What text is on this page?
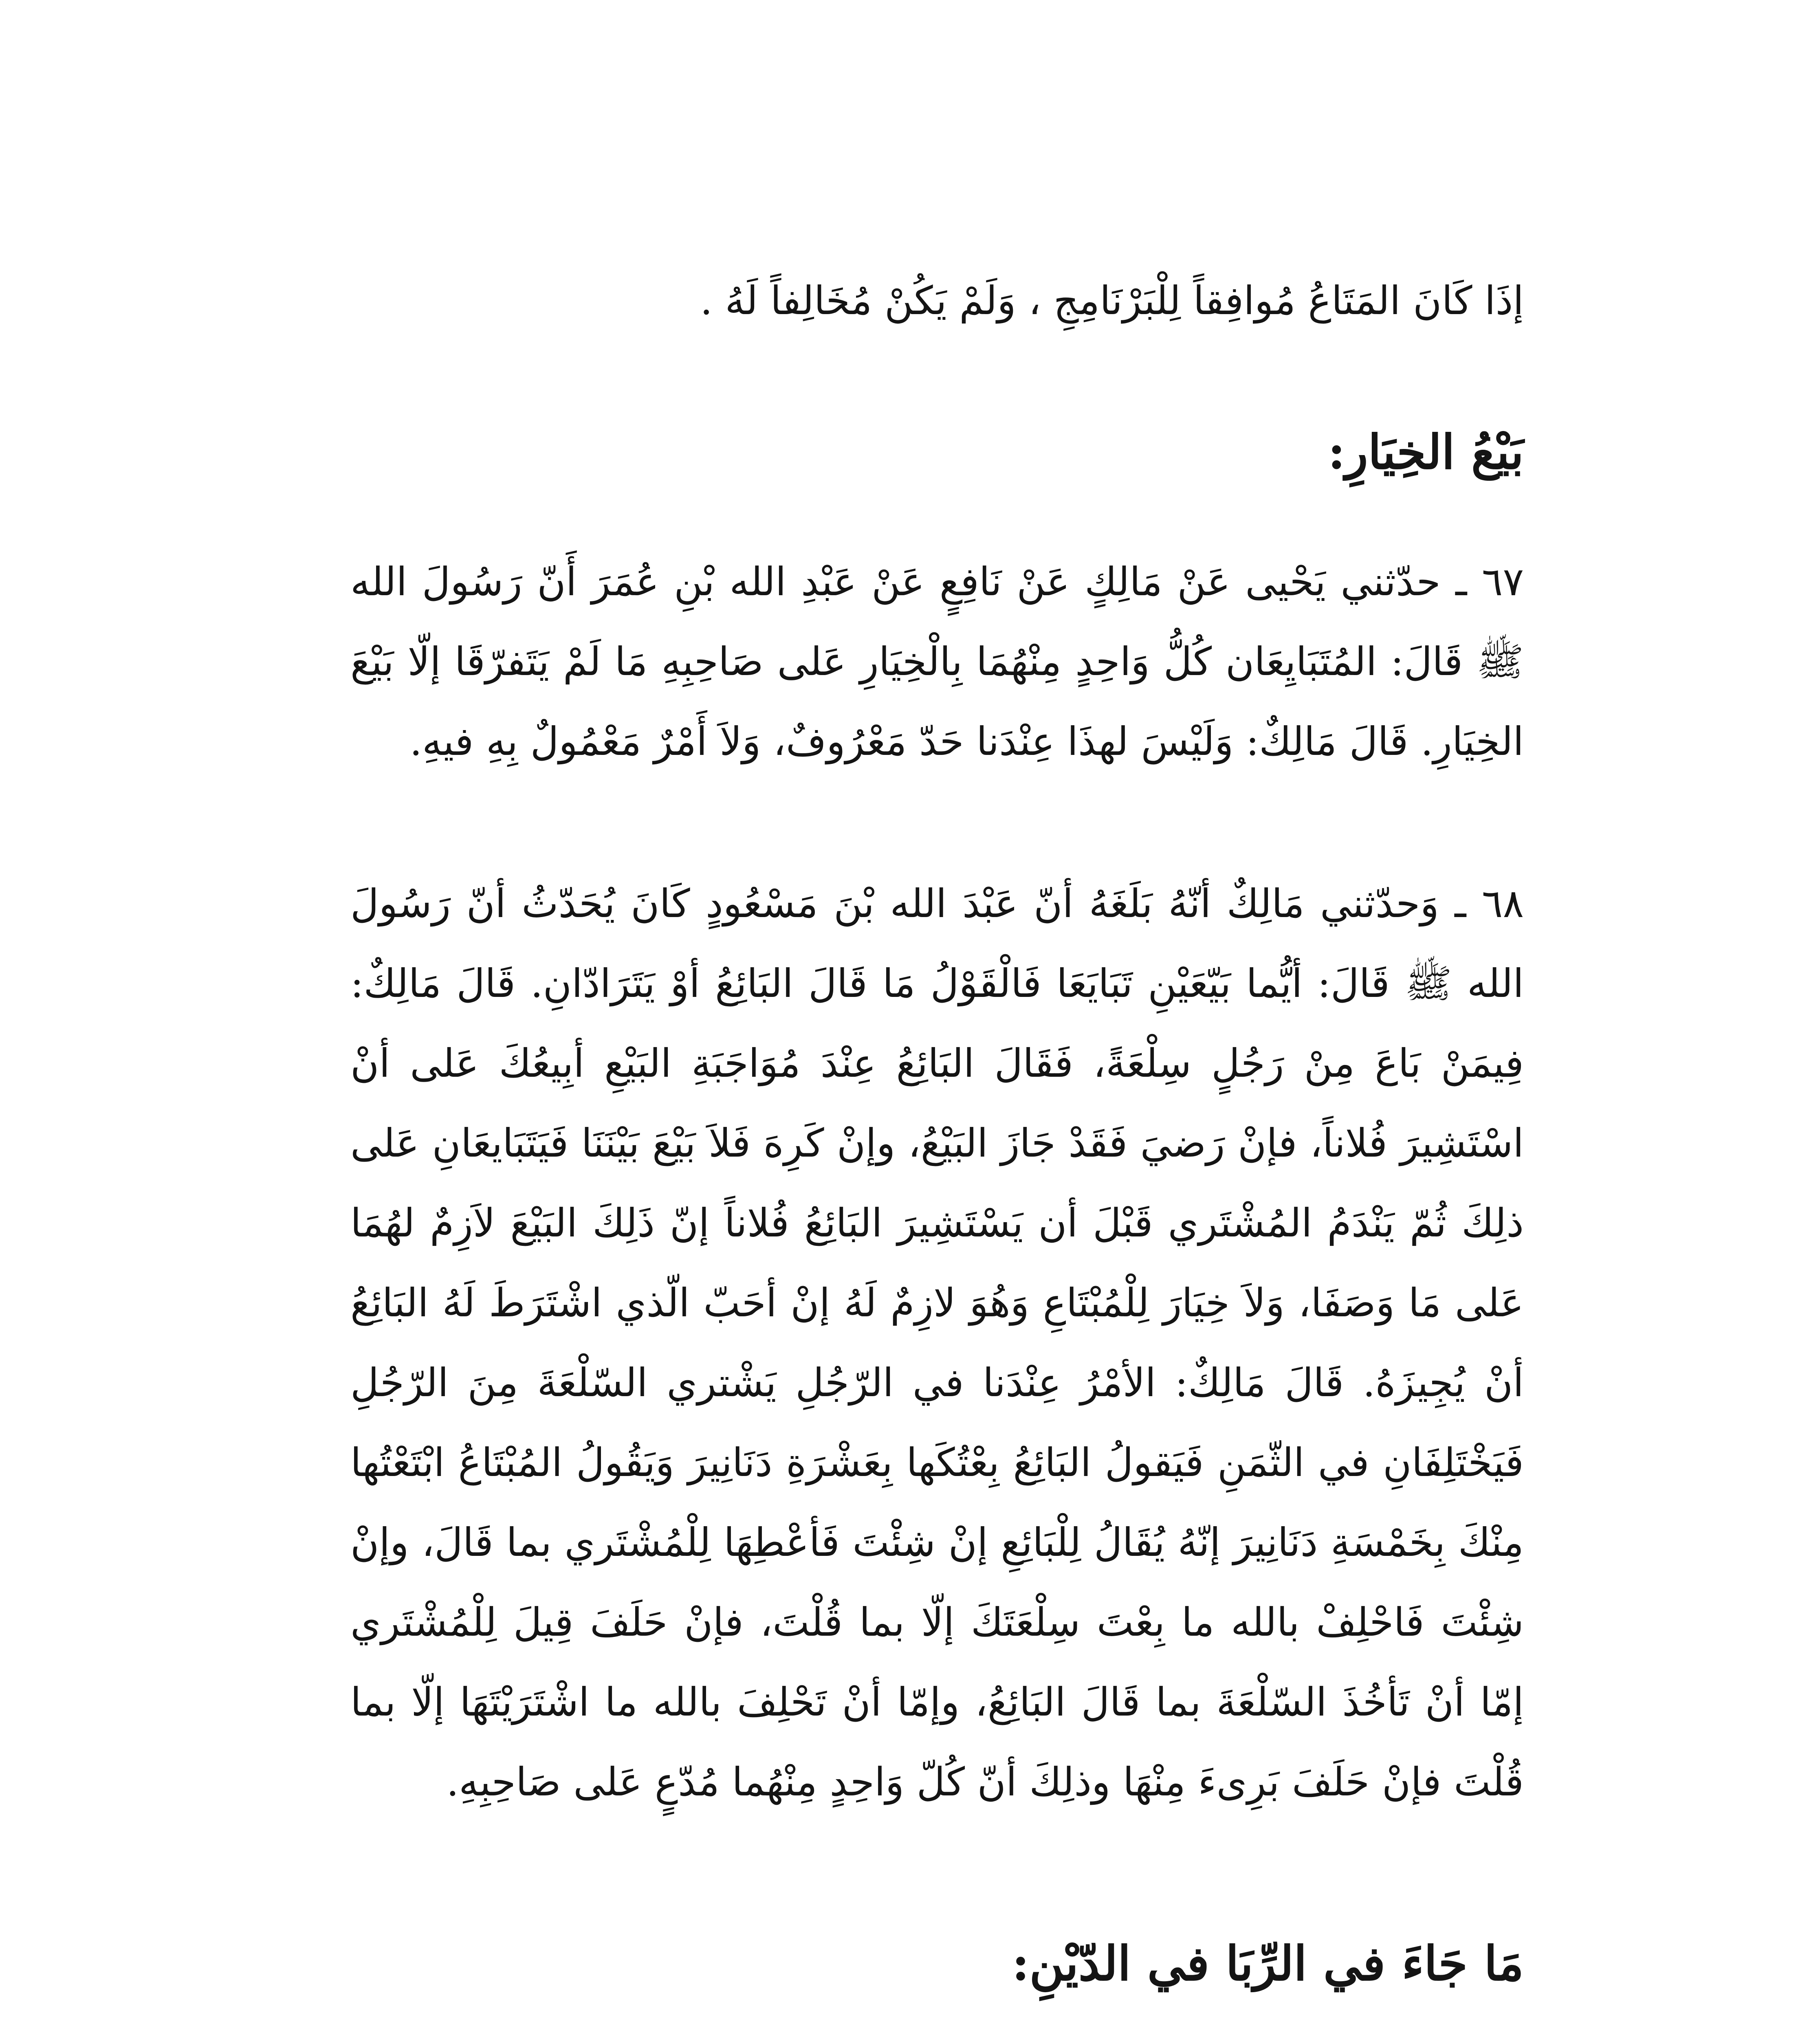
إذَا كَانَ المَتَاعُ مُوافِقاً لِلْبَرْنَامِجِ ، وَلَمْ يَكُنْ مُخَالِفاً لَهُ .

بَيْعُ الخِيَارِ:

٦٧ ـ حدّثني يَحْيى عَنْ مَالِكٍ عَنْ نَافِعٍ عَنْ عَبْدِ الله بْنِ عُمَرَ أَنّ رَسُولَ الله ﷺ قَالَ: المُتَبَايِعَان كُلُّ وَاحِدٍ مِنْهُمَا بِالْخِيَارِ عَلى صَاحِبِهِ مَا لَمْ يَتَفرّقَا إلّا بَيْعَ الخِيَارِ. قَالَ مَالِكٌ: وَلَيْسَ لهذَا عِنْدَنا حَدّ مَعْرُوفٌ، وَلاَ أَمْرٌ مَعْمُولٌ بِهِ فيهِ.

٦٨ ـ وَحدّثني مَالِكٌ أنّهُ بَلَغَهُ أنّ عَبْدَ الله بْنَ مَسْعُودٍ كَانَ يُحَدّثُ أنّ رَسُولَ الله ﷺ قَالَ: أيُّما بَيّعَيْنِ تَبَايَعَا فَالْقَوْلُ مَا قَالَ البَائِعُ أوْ يَتَرَادّانِ. قَالَ مَالِكٌ: فِيمَنْ بَاعَ مِنْ رَجُلٍ سِلْعَةً، فَقَالَ البَائِعُ عِنْدَ مُوَاجَبَةِ البَيْعِ أبِيعُكَ عَلى أنْ اسْتَشِيرَ فُلاناً، فإنْ رَضيَ فَقَدْ جَازَ البَيْعُ، وإنْ كَرِهَ فَلاَ بَيْعَ بَيْنَنَا فَيَتَبَايعَانِ عَلى ذلِكَ ثُمّ يَنْدَمُ المُشْتَري قَبْلَ أن يَسْتَشِيرَ البَائِعُ فُلاناً إنّ ذَلِكَ البَيْعَ لاَزِمٌ لهُمَا عَلى مَا وَصَفَا، وَلاَ خِيَارَ لِلْمُبْتَاعِ وَهُوَ لازِمٌ لَهُ إنْ أحَبّ الّذي اشْتَرَطَ لَهُ البَائِعُ أنْ يُجِيزَهُ. قَالَ مَالِكٌ: الأمْرُ عِنْدَنا في الرّجُلِ يَشْتري السّلْعَةَ مِنَ الرّجُلِ فَيَخْتَلِفَانِ في الثّمَنِ فَيَقولُ البَائِعُ بِعْتُكَها بِعَشْرَةِ دَنَانِيرَ وَيَقُولُ المُبْتَاعُ ابْتَعْتُها مِنْكَ بِخَمْسَةِ دَنَانِيرَ إنّهُ يُقَالُ لِلْبَائِعِ إنْ شِئْتَ فَأعْطِهَا لِلْمُشْتَري بما قَالَ، وإنْ شِئْتَ فَاحْلِفْ بالله ما بِعْتَ سِلْعَتَكَ إلّا بما قُلْتَ، فإنْ حَلَفَ قِيلَ لِلْمُشْتَري إمّا أنْ تَأخُذَ السّلْعَةَ بما قَالَ البَائِعُ، وإمّا أنْ تَحْلِفَ بالله ما اشْتَرَيْتَهَا إلّا بما قُلْتَ فإنْ حَلَفَ بَرِىءَ مِنْهَا وذلِكَ أنّ كُلّ وَاحِدٍ مِنْهُما مُدّعٍ عَلى صَاحِبِهِ.

مَا جَاءَ في الرِّبَا في الدّيْنِ:
